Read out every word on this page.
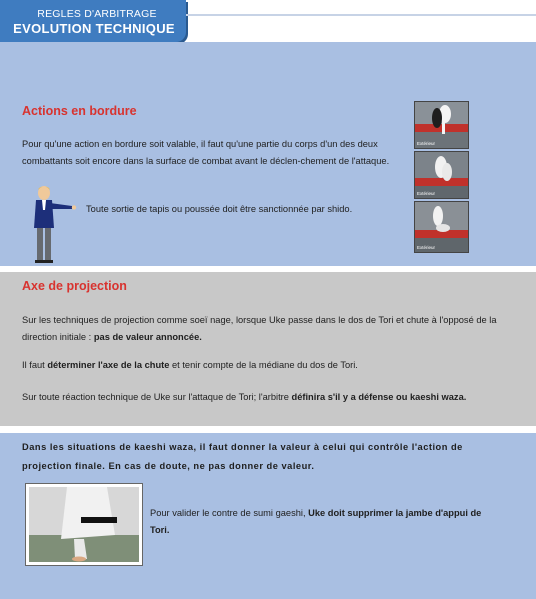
REGLES D'ARBITRAGE
EVOLUTION TECHNIQUE
Actions en bordure
Pour qu'une action en bordure soit valable, il faut qu'une partie du corps d'un des deux combattants soit encore dans la surface de combat avant le déclen-chement de l'attaque.
Toute sortie de tapis ou poussée doit être sanctionnée par shido.
Extérieur
Extérieur
Extérieur
Axe de projection
Sur les techniques de projection comme soeï nage, lorsque Uke passe dans le dos de Tori et chute à l'opposé de la direction initiale : pas de valeur annoncée.
Il faut déterminer l'axe de la chute et tenir compte de la médiane du dos de Tori.
Sur toute réaction technique de Uke sur l'attaque de Tori; l'arbitre définira s'il y a défense ou kaeshi waza.
Dans les situations de kaeshi waza, il faut donner la valeur à celui qui contrôle l'action de projection finale. En cas de doute, ne pas donner de valeur.
Pour valider le contre de sumi gaeshi, Uke doit supprimer la jambe d'appui de Tori.
